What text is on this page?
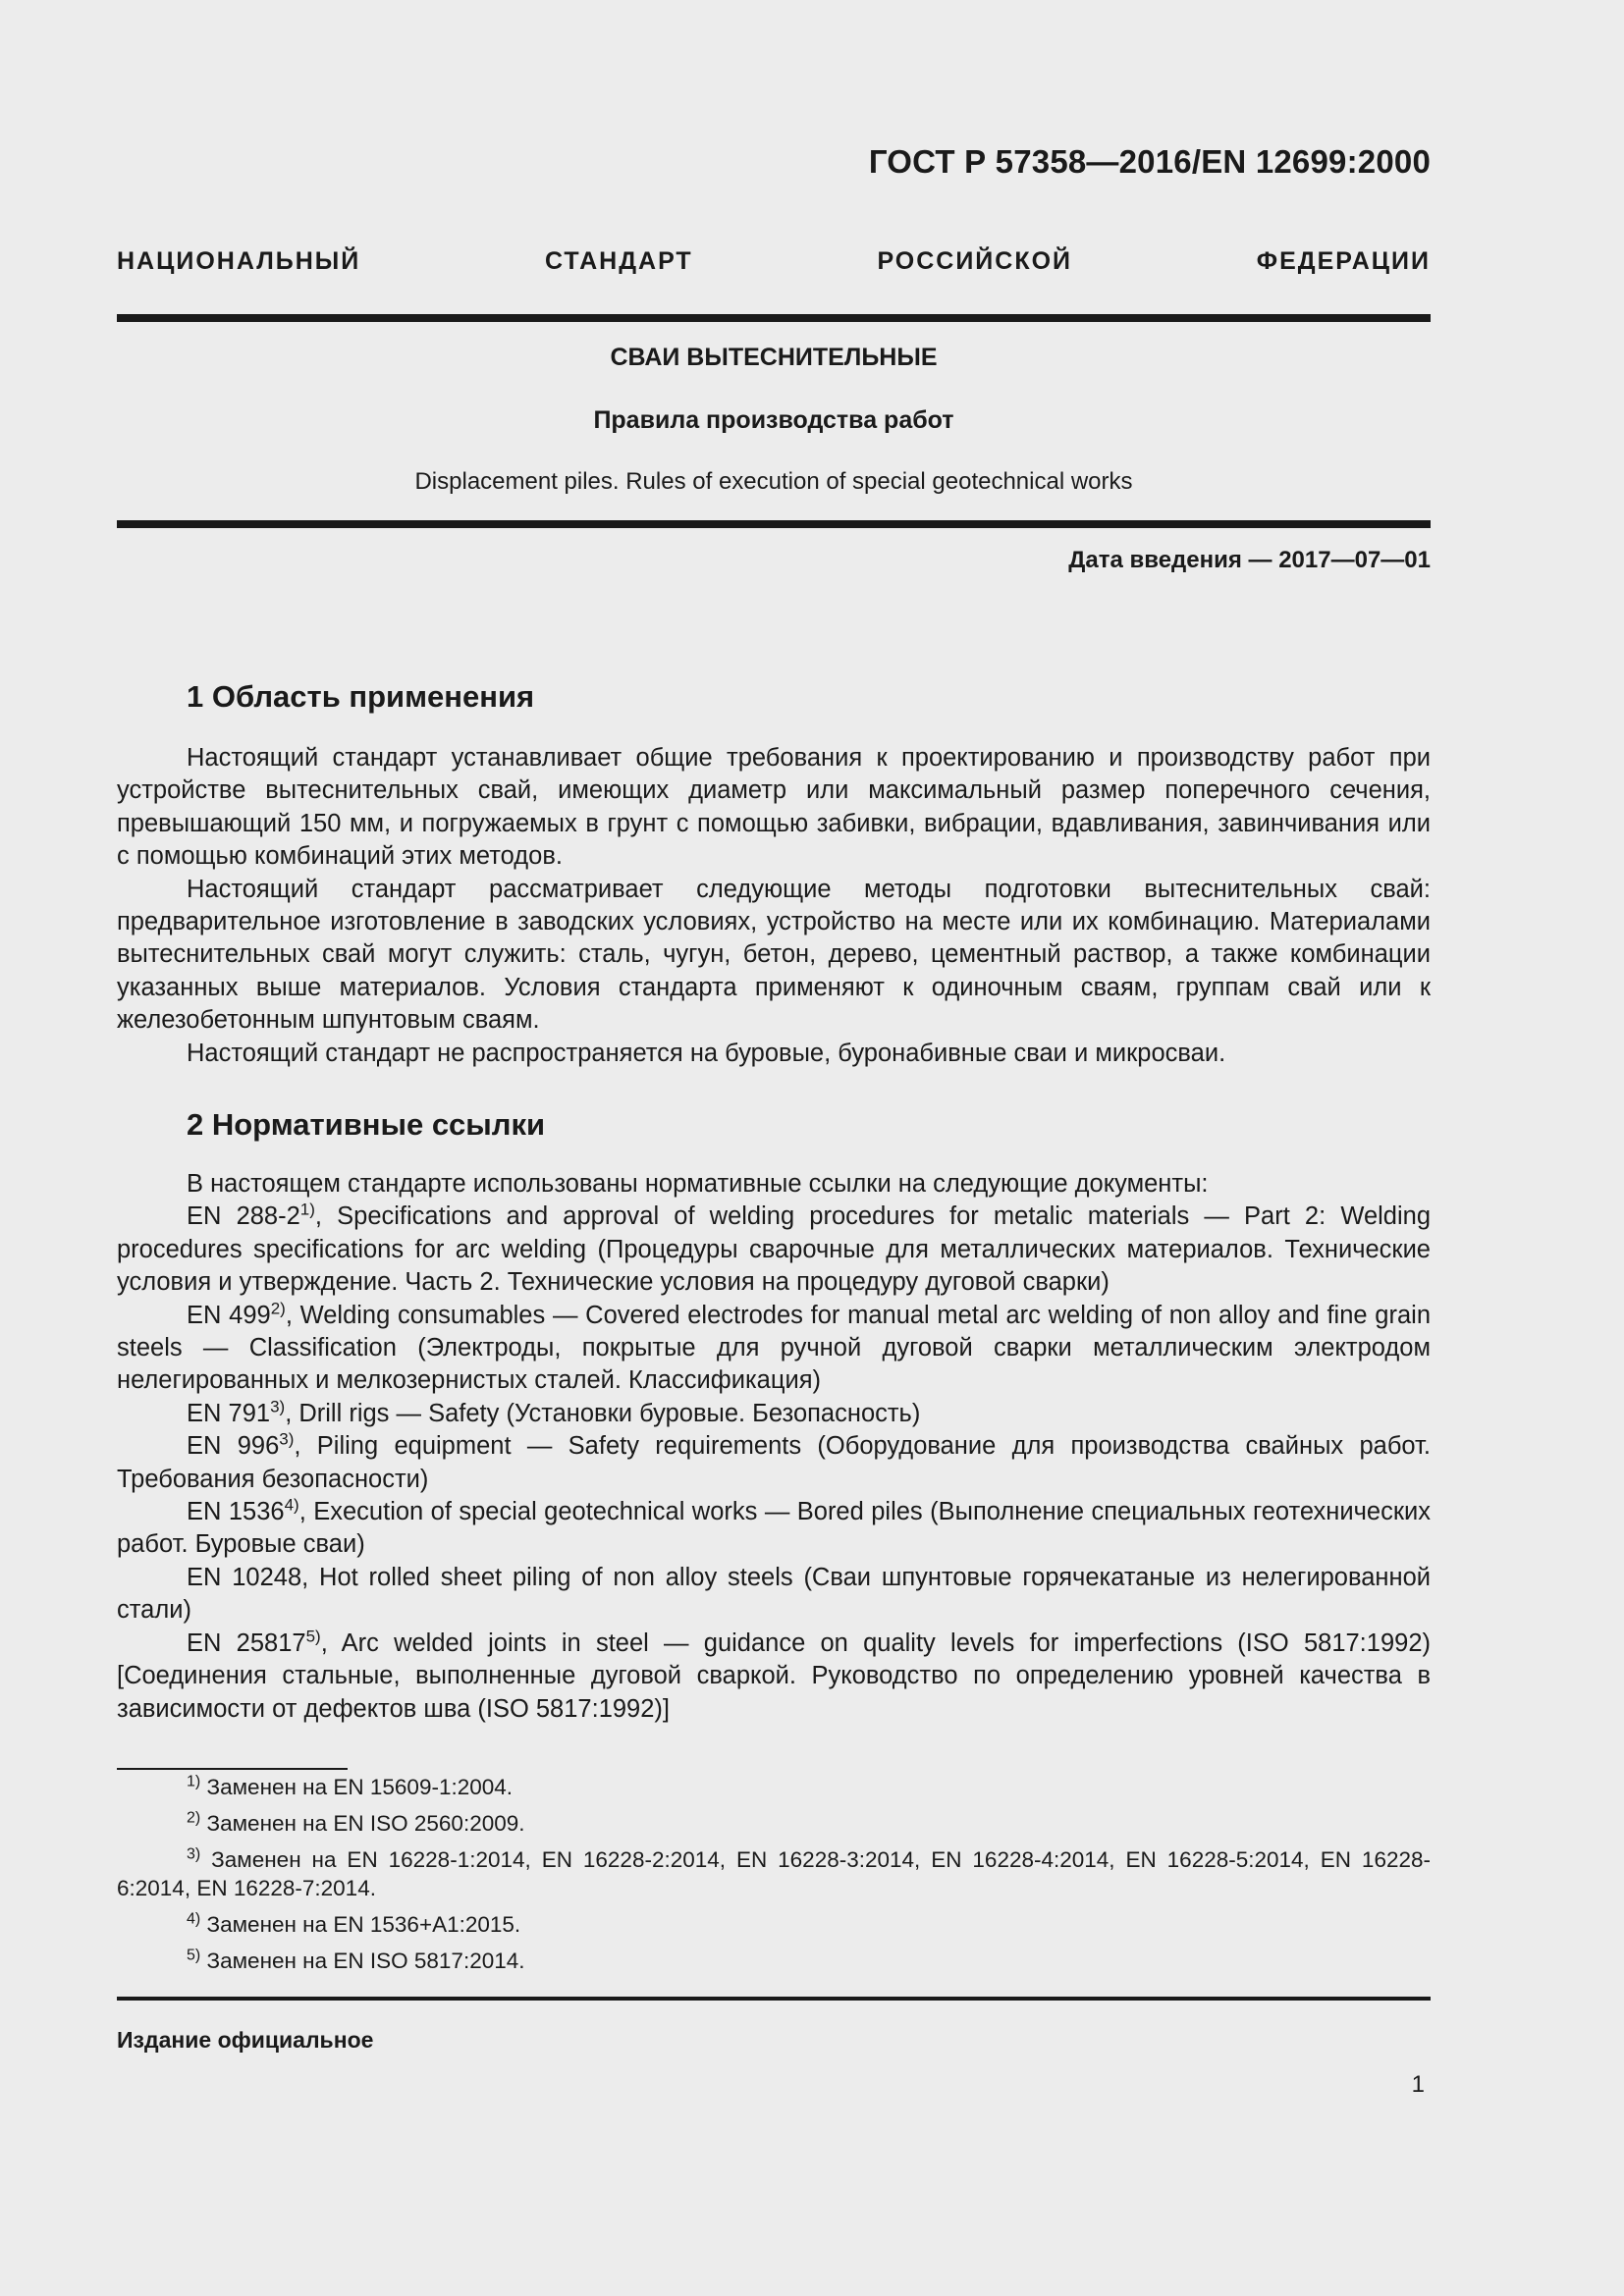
ГОСТ Р 57358—2016/EN 12699:2000
НАЦИОНАЛЬНЫЙ СТАНДАРТ РОССИЙСКОЙ ФЕДЕРАЦИИ
СВАИ ВЫТЕСНИТЕЛЬНЫЕ
Правила производства работ
Displacement piles. Rules of execution of special geotechnical works
Дата введения — 2017—07—01
1 Область применения

Настоящий стандарт устанавливает общие требования к проектированию и производству работ при устройстве вытеснительных свай, имеющих диаметр или максимальный размер поперечного сечения, превышающий 150 мм, и погружаемых в грунт с помощью забивки, вибрации, вдавливания, завинчивания или с помощью комбинаций этих методов.

Настоящий стандарт рассматривает следующие методы подготовки вытеснительных свай: предварительное изготовление в заводских условиях, устройство на месте или их комбинацию. Материалами вытеснительных свай могут служить: сталь, чугун, бетон, дерево, цементный раствор, а также комбинации указанных выше материалов. Условия стандарта применяют к одиночным сваям, группам свай или к железобетонным шпунтовым сваям.

Настоящий стандарт не распространяется на буровые, буронабивные сваи и микросваи.

2 Нормативные ссылки

В настоящем стандарте использованы нормативные ссылки на следующие документы:

EN 288-2$^{1)}$, Specifications and approval of welding procedures for metalic materials — Part 2: Welding procedures specifications for arc welding (Процедуры сварочные для металлических материалов. Технические условия и утверждение. Часть 2. Технические условия на процедуру дуговой сварки)

EN 499$^{2)}$, Welding consumables — Covered electrodes for manual metal arc welding of non alloy and fine grain steels — Classification (Электроды, покрытые для ручной дуговой сварки металлическим электродом нелегированных и мелкозернистых сталей. Классификация)

EN 791$^{3)}$, Drill rigs — Safety (Установки буровые. Безопасность)

EN 996$^{3)}$, Piling equipment — Safety requirements (Оборудование для производства свайных работ. Требования безопасности)

EN 1536$^{4)}$, Execution of special geotechnical works — Bored piles (Выполнение специальных геотехнических работ. Буровые сваи)

EN 10248, Hot rolled sheet piling of non alloy steels (Сваи шпунтовые горячекатаные из нелегированной стали)

EN 25817$^{5)}$, Arc welded joints in steel — guidance on quality levels for imperfections (ISO 5817:1992) [Соединения стальные, выполненные дуговой сваркой. Руководство по определению уровней качества в зависимости от дефектов шва (ISO 5817:1992)]

$^{1)}$ Заменен на EN 15609-1:2004.

$^{2)}$ Заменен на EN ISO 2560:2009.

$^{3)}$ Заменен на EN 16228-1:2014, EN 16228-2:2014, EN 16228-3:2014, EN 16228-4:2014, EN 16228-5:2014, EN 16228-6:2014, EN 16228-7:2014.

$^{4)}$ Заменен на EN 1536+A1:2015.

$^{5)}$ Заменен на EN ISO 5817:2014.

Издание официальное
1
